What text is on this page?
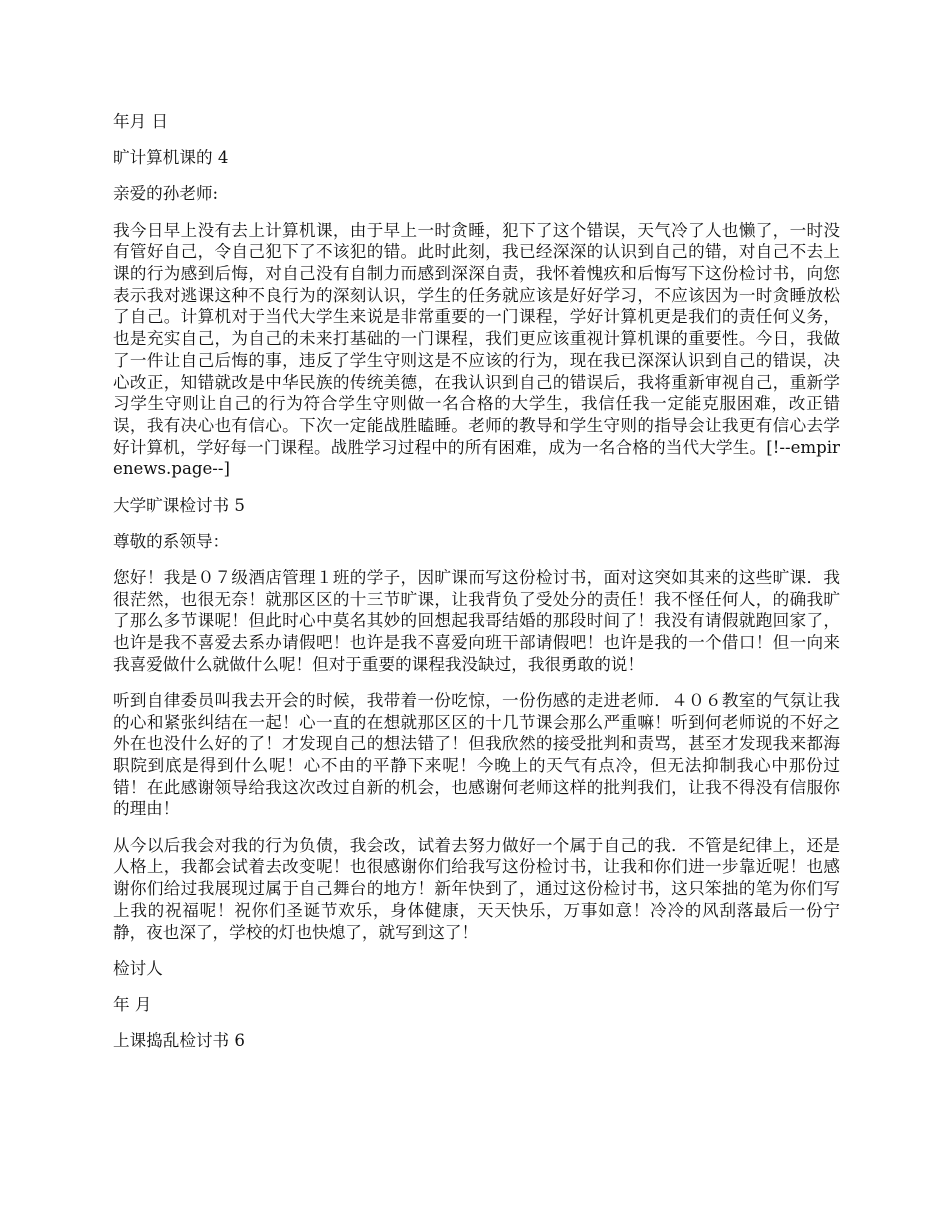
年月 日

旷计算机课的 4

亲爱的孙老师:

我今日早上没有去上计算机课，由于早上一时贪睡，犯下了这个错误，天气冷了人也懒了，一时没有管好自己，令自己犯下了不该犯的错。此时此刻，我已经深深的认识到自己的错，对自己不去上课的行为感到后悔，对自己没有自制力而感到深深自责，我怀着愧疚和后悔写下这份检讨书，向您表示我对逃课这种不良行为的深刻认识，学生的任务就应该是好好学习，不应该因为一时贪睡放松了自己。计算机对于当代大学生来说是非常重要的一门课程，学好计算机更是我们的责任何义务，也是充实自己，为自己的未来打基础的一门课程，我们更应该重视计算机课的重要性。今日，我做了一件让自己后悔的事，违反了学生守则这是不应该的行为，现在我已深深认识到自己的错误，决心改正，知错就改是中华民族的传统美德，在我认识到自己的错误后，我将重新审视自己，重新学习学生守则让自己的行为符合学生守则做一名合格的大学生，我信任我一定能克服困难，改正错误，我有决心也有信心。下次一定能战胜瞌睡。老师的教导和学生守则的指导会让我更有信心去学好计算机，学好每一门课程。战胜学习过程中的所有困难，成为一名合格的当代大学生。[!--empirenews.page--]

大学旷课检讨书 5

尊敬的系领导：

您好！我是０７级酒店管理１班的学子，因旷课而写这份检讨书，面对这突如其来的这些旷课．我很茫然，也很无奈！就那区区的十三节旷课，让我背负了受处分的责任！我不怪任何人，的确我旷了那么多节课呢！但此时心中莫名其妙的回想起我哥结婚的那段时间了！我没有请假就跑回家了，也许是我不喜爱去系办请假吧！也许是我不喜爱向班干部请假吧！也许是我的一个借口！但一向来我喜爱做什么就做什么呢！但对于重要的课程我没缺过，我很勇敢的说！

听到自律委员叫我去开会的时候，我带着一份吃惊，一份伤感的走进老师．４０６教室的气氛让我的心和紧张纠结在一起！心一直的在想就那区区的十几节课会那么严重嘛！听到何老师说的不好之外在也没什么好的了！才发现自己的想法错了！但我欣然的接受批判和责骂，甚至才发现我来都海职院到底是得到什么呢！心不由的平静下来呢！今晚上的天气有点冷，但无法抑制我心中那份过错！在此感谢领导给我这次改过自新的机会，也感谢何老师这样的批判我们，让我不得没有信服你的理由！

从今以后我会对我的行为负债，我会改，试着去努力做好一个属于自己的我．不管是纪律上，还是人格上，我都会试着去改变呢！也很感谢你们给我写这份检讨书，让我和你们进一步靠近呢！也感谢你们给过我展现过属于自己舞台的地方！新年快到了，通过这份检讨书，这只笨拙的笔为你们写上我的祝福呢！祝你们圣诞节欢乐，身体健康，天天快乐，万事如意！冷冷的风刮落最后一份宁静，夜也深了，学校的灯也快熄了，就写到这了！

检讨人

年 月

上课捣乱检讨书 6
